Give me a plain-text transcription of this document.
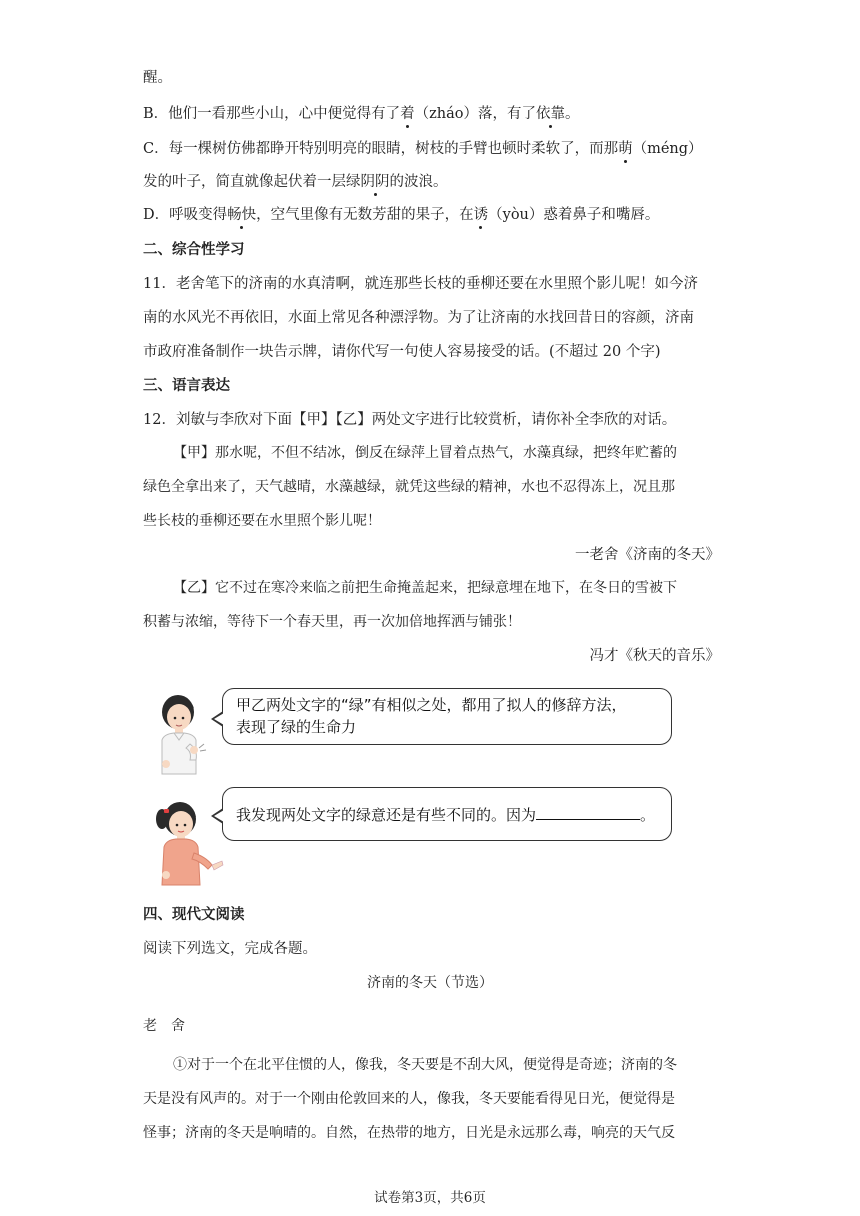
醒。
B．他们一看那些小山，心中便觉得有了着（zháo）落，有了依靠。
C．每一棵树仿佛都睁开特别明亮的眼睛，树枝的手臂也顿时柔软了，而那萌（méng）
发的叶子，简直就像起伏着一层绿阴阴的波浪。
D．呼吸变得畅快，空气里像有无数芳甜的果子，在诱（yòu）惑着鼻子和嘴唇。
二、综合性学习
11．老舍笔下的济南的水真清啊，就连那些长枝的垂柳还要在水里照个影儿呢！如今济
南的水风光不再依旧，水面上常见各种漂浮物。为了让济南的水找回昔日的容颜，济南
市政府准备制作一块告示牌，请你代写一句使人容易接受的话。(不超过 20 个字)
三、语言表达
12．刘敏与李欣对下面【甲】【乙】两处文字进行比较赏析，请你补全李欣的对话。
【甲】那水呢，不但不结冰，倒反在绿萍上冒着点热气，水藻真绿，把终年贮蓄的
绿色全拿出来了，天气越晴，水藻越绿，就凭这些绿的精神，水也不忍得冻上，况且那
些长枝的垂柳还要在水里照个影儿呢！
一老舍《济南的冬天》
【乙】它不过在寒冷来临之前把生命掩盖起来，把绿意埋在地下，在冬日的雪被下
积蓄与浓缩，等待下一个春天里，再一次加倍地挥洒与铺张！
冯才《秋天的音乐》
甲乙两处文字的“绿”有相似之处，都用了拟人的修辞方法，
表现了绿的生命力
我发现两处文字的绿意还是有些不同的。因为	。
四、现代文阅读
阅读下列选文，完成各题。
济南的冬天（节选）
老　舍
①对于一个在北平住惯的人，像我，冬天要是不刮大风，便觉得是奇迹；济南的冬
天是没有风声的。对于一个刚由伦敦回来的人，像我，冬天要能看得见日光，便觉得是
怪事；济南的冬天是响晴的。自然，在热带的地方，日光是永远那么毒，响亮的天气反
试卷第3页，共6页
